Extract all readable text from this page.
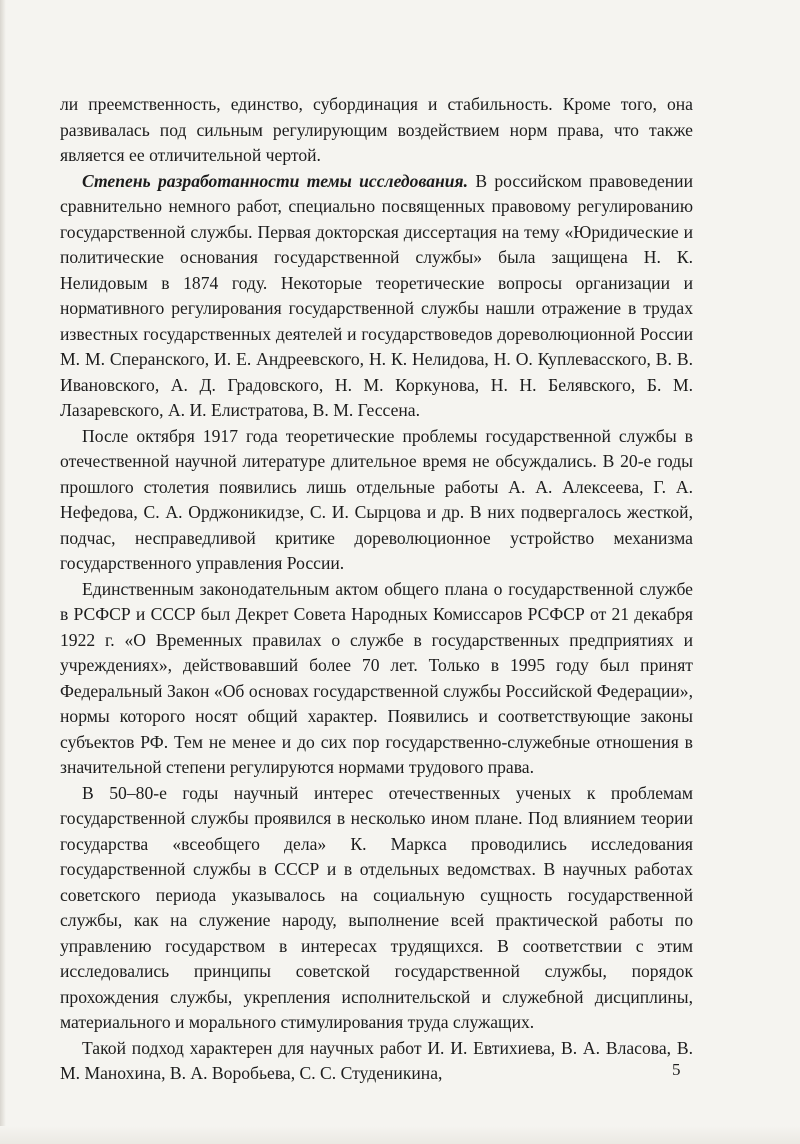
ли преемственность, единство, субординация и стабильность. Кроме того, она развивалась под сильным регулирующим воздействием норм права, что также является ее отличительной чертой.

Степень разработанности темы исследования. В российском правоведении сравнительно немного работ, специально посвященных правовому регулированию государственной службы. Первая докторская диссертация на тему «Юридические и политические основания государственной службы» была защищена Н. К. Нелидовым в 1874 году. Некоторые теоретические вопросы организации и нормативного регулирования государственной службы нашли отражение в трудах известных государственных деятелей и государствоведов дореволюционной России М. М. Сперанского, И. Е. Андреевского, Н. К. Нелидова, Н. О. Куплеваcского, В. В. Ивановского, А. Д. Градовского, Н. М. Коркунова, Н. Н. Белявского, Б. М. Лазаревского, А. И. Елистратова, В. М. Гессена.

После октября 1917 года теоретические проблемы государственной службы в отечественной научной литературе длительное время не обсуждались. В 20-е годы прошлого столетия появились лишь отдельные работы А. А. Алексеева, Г. А. Нефедова, С. А. Орджоникидзе, С. И. Сырцова и др. В них подвергалось жесткой, подчас, несправедливой критике дореволюционное устройство механизма государственного управления России.

Единственным законодательным актом общего плана о государственной службе в РСФСР и СССР был Декрет Совета Народных Комиссаров РСФСР от 21 декабря 1922 г. «О Временных правилах о службе в государственных предприятиях и учреждениях», действовавший более 70 лет. Только в 1995 году был принят Федеральный Закон «Об основах государственной службы Российской Федерации», нормы которого носят общий характер. Появились и соответствующие законы субъектов РФ. Тем не менее и до сих пор государственно-служебные отношения в значительной степени регулируются нормами трудового права.

В 50–80-е годы научный интерес отечественных ученых к проблемам государственной службы проявился в несколько ином плане. Под влиянием теории государства «всеобщего дела» К. Маркса проводились исследования государственной службы в СССР и в отдельных ведомствах. В научных работах советского периода указывалось на социальную сущность государственной службы, как на служение народу, выполнение всей практической работы по управлению государством в интересах трудящихся. В соответствии с этим исследовались принципы советской государственной службы, порядок прохождения службы, укрепления исполнительской и служебной дисциплины, материального и морального стимулирования труда служащих.

Такой подход характерен для научных работ И. И. Евтихиева, В. А. Власова, В. М. Манохина, В. А. Воробьева, С. С. Студеникина,	5
